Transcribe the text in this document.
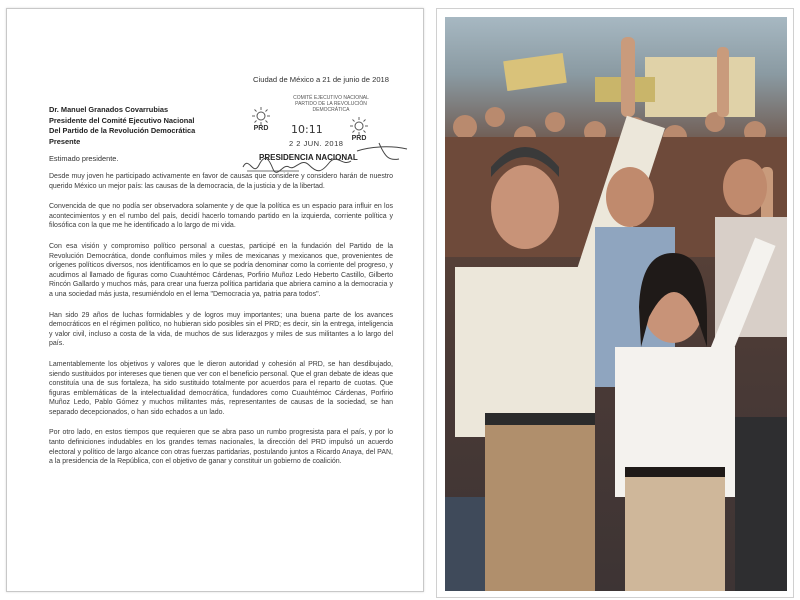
Ciudad de México a 21 de junio de 2018
Dr. Manuel Granados Covarrubias
Presidente del Comité Ejecutivo Nacional
Del Partido de la Revolución Democrática
Presente
Estimado presidente.

Desde muy joven he participado activamente en favor de causas que considere y considero harán de nuestro querido México un mejor país: las causas de la democracia, de la justicia y de la libertad.

Convencida de que no podía ser observadora solamente y de que la política es un espacio para influir en los acontecimientos y en el rumbo del país, decidí hacerlo tomando partido en la izquierda, corriente política y filosófica con la que me he identificado a lo largo de mi vida.

Con esa visión y compromiso político personal a cuestas, participé en la fundación del Partido de la Revolución Democrática, donde confluimos miles y miles de mexicanas y mexicanos que, provenientes de orígenes políticos diversos, nos identificamos en lo que se podría denominar como la corriente del progreso, y acudimos al llamado de figuras como Cuauhtémoc Cárdenas, Porfirio Muñoz Ledo Heberto Castillo, Gilberto Rincón Gallardo y muchos más, para crear una fuerza política partidaria que abriera camino a la democracia y a una sociedad más justa, resumiéndolo en el lema "Democracia ya, patria para todos".

Han sido 29 años de luchas formidables y de logros muy importantes; una buena parte de los avances democráticos en el régimen político, no hubieran sido posibles sin el PRD; es decir, sin la entrega, inteligencia y valor civil, incluso a costa de la vida, de muchos de sus liderazgos y miles de sus militantes a lo largo del país.

Lamentablemente los objetivos y valores que le dieron autoridad y cohesión al PRD, se han desdibujado, siendo sustituidos por intereses que tienen que ver con el beneficio personal. Que el gran debate de ideas que constituía una de sus fortaleza, ha sido sustituido totalmente por acuerdos para el reparto de cuotas. Que figuras emblemáticas de la intelectualidad democrática, fundadores como Cuauhtémoc Cárdenas, Porfirio Muñoz Ledo, Pablo Gómez y muchos militantes más, representantes de causas de la sociedad, se han separado decepcionados, o han sido echados a un lado.

Por otro lado, en estos tiempos que requieren que se abra paso un rumbo progresista para el país, y por lo tanto definiciones indudables en los grandes temas nacionales, la dirección del PRD impulsó un acuerdo electoral y político de largo alcance con otras fuerzas partidarias, postulando juntos a Ricardo Anaya, del PAN, a la presidencia de la República, con el objetivo de ganar y constituir un gobierno de coalición.

COMITÉ EJECUTIVO NACIONAL PARTIDO DE LA REVOLUCIÓN DEMOCRÁTICA
PRD
PRD
10:11
2 2 JUN. 2018
PRESIDENCIA NACIONAL
